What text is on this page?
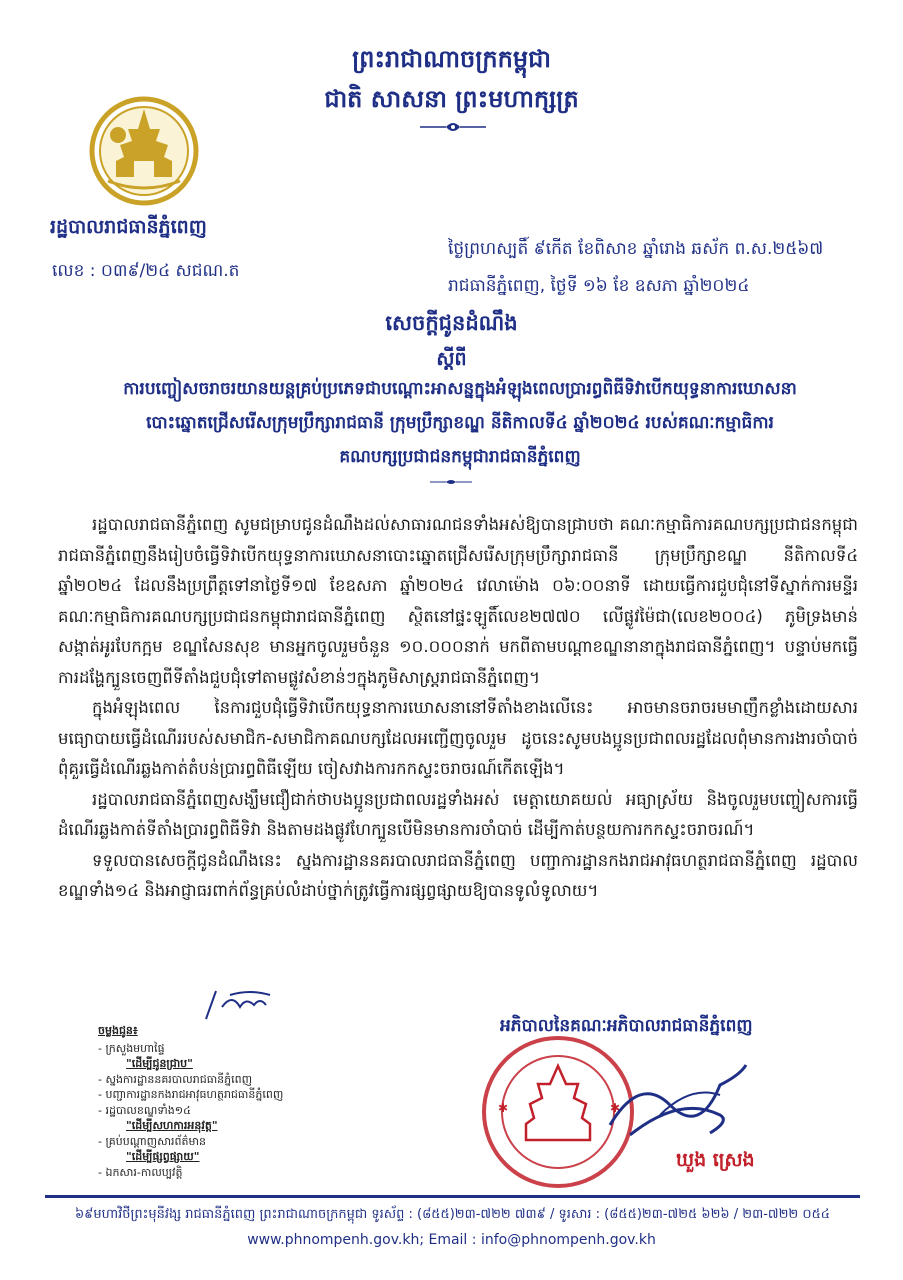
ព្រះរាជាណាចក្រកម្ពុជា
ជាតិ សាសនា ព្រះមហាក្សត្រ
រដ្ឋបាលរាជធានីភ្នំពេញ
លេខ : ០៣៩/២៤ សជណ.ត
ថ្ងៃព្រហស្បតិ៍ ៩កើត ខែពិសាខ ឆ្នាំរោង ឆស័ក ព.ស.២៥៦៧
រាជធានីភ្នំពេញ, ថ្ងៃទី ១៦ ខែ ឧសភា ឆ្នាំ២០២៤
សេចក្តីជូនដំណឹង
ស្តីពី
ការបញ្ចៀសចរាចរយានយន្តគ្រប់ប្រភេទជាបណ្តោះអាសន្នក្នុងអំឡុងពេលប្រារព្ធពិធីទិវាបើកយុទ្ធនាការឃោសនាបោះឆ្នោតជ្រើសរើសក្រុមប្រឹក្សារាជធានី ក្រុមប្រឹក្សាខណ្ឌ នីតិកាលទី៤ ឆ្នាំ២០២៤ របស់គណៈកម្មាធិការគណបក្សប្រជាជនកម្ពុជារាជធានីភ្នំពេញ

រដ្ឋបាលរាជធានីភ្នំពេញ សូមជម្រាបជូនដំណឹងដល់សាធារណជនទាំងអស់ឱ្យបានជ្រាបថា គណៈកម្មាធិការគណបក្សប្រជាជនកម្ពុជារាជធានីភ្នំពេញនឹងរៀបចំធ្វើទិវាបើកយុទ្ធនាការឃោសនាបោះឆ្នោតជ្រើសរើសក្រុមប្រឹក្សារាជធានី ក្រុមប្រឹក្សាខណ្ឌ នីតិកាលទី៤ ឆ្នាំ២០២៤ ដែលនឹងប្រព្រឹត្តទៅនាថ្ងៃទី១៧ ខែឧសភា ឆ្នាំ២០២៤ វេលាម៉ោង ០៦:០០នាទី ដោយធ្វើការជួបជុំនៅទីស្នាក់ការមន្ទីរគណៈកម្មាធិការគណបក្សប្រជាជនកម្ពុជារាជធានីភ្នំពេញ ស្ថិតនៅផ្ទះឡូតិ៍លេខ២៧៧០ លើផ្លូវម៉ៃជា(លេខ២០០៤) ភូមិទ្រងមាន់ សង្កាត់អូរបែកក្អម ខណ្ឌសែនសុខ មានអ្នកចូលរួមចំនួន ១០.០០០នាក់ មកពីតាមបណ្តាខណ្ឌនានាក្នុងរាជធានីភ្នំពេញ។ បន្ទាប់មកធ្វើការដង្ហែក្បួនចេញពីទីតាំងជួបជុំទៅតាមផ្លូវសំខាន់ៗក្នុងភូមិសាស្ត្ររាជធានីភ្នំពេញ។

ក្នុងអំឡុងពេល នៃការជួបជុំធ្វើទិវាបើកយុទ្ធនាការឃោសនានៅទីតាំងខាងលើនេះ អាចមានចរាចរមមាញឹកខ្លាំងដោយសារមធ្យោបាយធ្វើដំណើររបស់សមាជិក-សមាជិកាគណបក្សដែលអញ្ជើញចូលរួម ដូចនេះសូមបងប្អូនប្រជាពលរដ្ឋដែលពុំមានការងារចាំបាច់ ពុំគួរធ្វើដំណើរឆ្លងកាត់តំបន់ប្រារព្ធពិធីឡើយ ចៀសវាងការកកស្ទះចរាចរណ៍កើតឡើង។

រដ្ឋបាលរាជធានីភ្នំពេញសង្ឃឹមជឿជាក់ថាបងប្អូនប្រជាពលរដ្ឋទាំងអស់ មេត្តាយោគយល់ អធ្យាស្រ័យ និងចូលរួមបញ្ចៀសការធ្វើដំណើរឆ្លងកាត់ទីតាំងប្រារព្ធពិធីទិវា និងតាមដងផ្លូវហែក្បួនបើមិនមានការចាំបាច់ ដើម្បីកាត់បន្ថយការកកស្ទះចរាចរណ៍។

ទទួលបានសេចក្តីជូនដំណឹងនេះ ស្នងការដ្ឋាននគរបាលរាជធានីភ្នំពេញ បញ្ជាការដ្ឋានកងរាជអាវុធហត្ថរាជធានីភ្នំពេញ រដ្ឋបាលខណ្ឌទាំង១៤ និងអាជ្ញាធរពាក់ព័ន្ធគ្រប់លំដាប់ថ្នាក់ត្រូវធ្វើការផ្សព្វផ្សាយឱ្យបានទូលំទូលាយ។

ចម្លងជូន៖
- ក្រសួងមហាផ្ទៃ
"ដើម្បីជូនជ្រាប"
- ស្នងការដ្ឋាននគរបាលរាជធានីភ្នំពេញ
- បញ្ជាការដ្ឋានកងរាជអាវុធហត្ថរាជធានីភ្នំពេញ
- រដ្ឋបាលខណ្ឌទាំង១៤
"ដើម្បីសហការអនុវត្ត"
- គ្រប់បណ្តាញសារព័ត៌មាន
"ដើម្បីផ្សព្វផ្សាយ"
- ឯកសារ-កាលប្បវត្តិ
អភិបាលនៃគណៈអភិបាលរាជធានីភ្នំពេញ
✱	✱
ឃួង ស្រេង
៦៩មហាវិថីព្រះមុនីវង្ស រាជធានីភ្នំពេញ ព្រះរាជាណាចក្រកម្ពុជា ទូរស័ព្ទ : (៨៥៥)២៣-៧២២ ៧៣៩ / ទូរសារ : (៨៥៥)២៣-៧២៥ ៦២៦ / ២៣-៧២២ ០៥៤
www.phnompenh.gov.kh; Email : info@phnompenh.gov.kh
